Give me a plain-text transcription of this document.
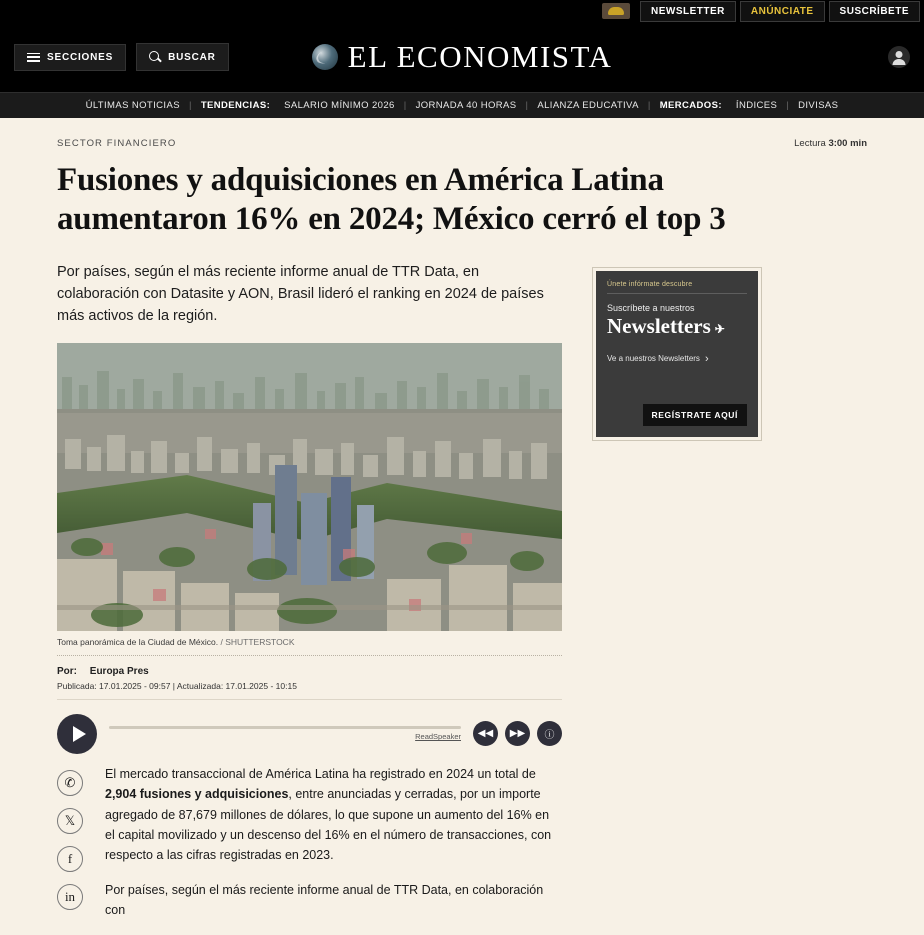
NEWSLETTER	ANÚNCIATE	SUSCRÍBETE
SECCIONES	BUSCAR	EL ECONOMISTA
ÚLTIMAS NOTICIAS | TENDENCIAS:	SALARIO MÍNIMO 2026 | JORNADA 40 HORAS | ALIANZA EDUCATIVA | MERCADOS:	ÍNDICES | DIVISAS
SECTOR FINANCIERO	Lectura 3:00 min
Fusiones y adquisiciones en América Latina aumentaron 16% en 2024; México cerró el top 3

Por países, según el más reciente informe anual de TTR Data, en colaboración con Datasite y AON, Brasil lideró el ranking en 2024 de países más activos de la región.

Toma panorámica de la Ciudad de México. / SHUTTERSTOCK
Por: Europa Pres
Publicada: 17.01.2025 - 09:57 | Actualizada: 17.01.2025 - 10:15
ReadSpeaker	◀◀	▶▶	ⓘ
✆
𝕏
f
in

El mercado transaccional de América Latina ha registrado en 2024 un total de 2,904 fusiones y adquisiciones, entre anunciadas y cerradas, por un importe agregado de 87,679 millones de dólares, lo que supone un aumento del 16% en el capital movilizado y un descenso del 16% en el número de transacciones, con respecto a las cifras registradas en 2023.

Por países, según el más reciente informe anual de TTR Data, en colaboración con

Únete infórmate descubre
Suscríbete a nuestros
Newsletters ✈
Ve a nuestros Newsletters ›
REGÍSTRATE AQUÍ
